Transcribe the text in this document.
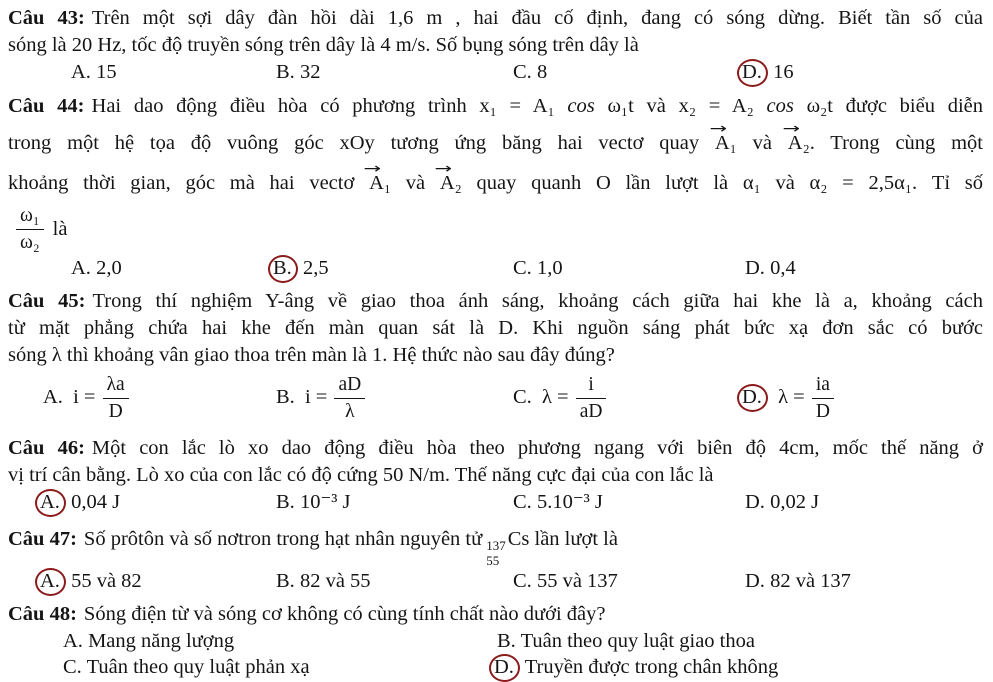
Câu 43: Trên một sợi dây đàn hồi dài 1,6 m , hai đầu cố định, đang có sóng dừng. Biết tần số của
sóng là 20 Hz, tốc độ truyền sóng trên dây là 4 m/s. Số bụng sóng trên dây là
A. 15	B. 32	C. 8	D. 16
Câu 44: Hai dao động điều hòa có phương trình x₁ = A₁ cos ω₁t và x₂ = A₂ cos ω₂t được biểu diễn
trong một hệ tọa độ vuông góc xOy tương ứng băng hai vectơ quay → A₁ và → A₂. Trong cùng một
khoảng thời gian, góc mà hai vectơ → A₁ và → A₂ quay quanh O lần lượt là α₁ và α₂ = 2,5α₁. Tỉ số
$\frac{\text{ω₁}}{\text{ω₂}}$ là
A. 2,0	B. 2,5	C. 1,0	D. 0,4
Câu 45: Trong thí nghiệm Y-âng về giao thoa ánh sáng, khoảng cách giữa hai khe là a, khoảng cách
từ mặt phẳng chứa hai khe đến màn quan sát là D. Khi nguồn sáng phát bức xạ đơn sắc có bước
sóng λ thì khoảng vân giao thoa trên màn là 1. Hệ thức nào sau đây đúng?
A. $i = \frac{\lambda a}{D}$	B. $i = \frac{aD}{\lambda}$	C. $\lambda = \frac{i}{aD}$	D. $\lambda = \frac{ia}{D}$
Câu 46: Một con lắc lò xo dao động điều hòa theo phương ngang với biên độ 4cm, mốc thế năng ở
vị trí cân bằng. Lò xo của con lắc có độ cứng 50 N/m. Thế năng cực đại của con lắc là
A. 0,04 J	B. 10⁻³ J	C. 5.10⁻³ J	D. 0,02 J
Câu 47: Số prôtôn và số nơtron trong hạt nhân nguyên tử 137
55
Cs lần lượt là
A. 55 và 82	B. 82 và 55	C. 55 và 137	D. 82 và 137
Câu 48: Sóng điện từ và sóng cơ không có cùng tính chất nào dưới đây?
A. Mang năng lượng	B. Tuân theo quy luật giao thoa
C. Tuân theo quy luật phản xạ	D. Truyền được trong chân không
